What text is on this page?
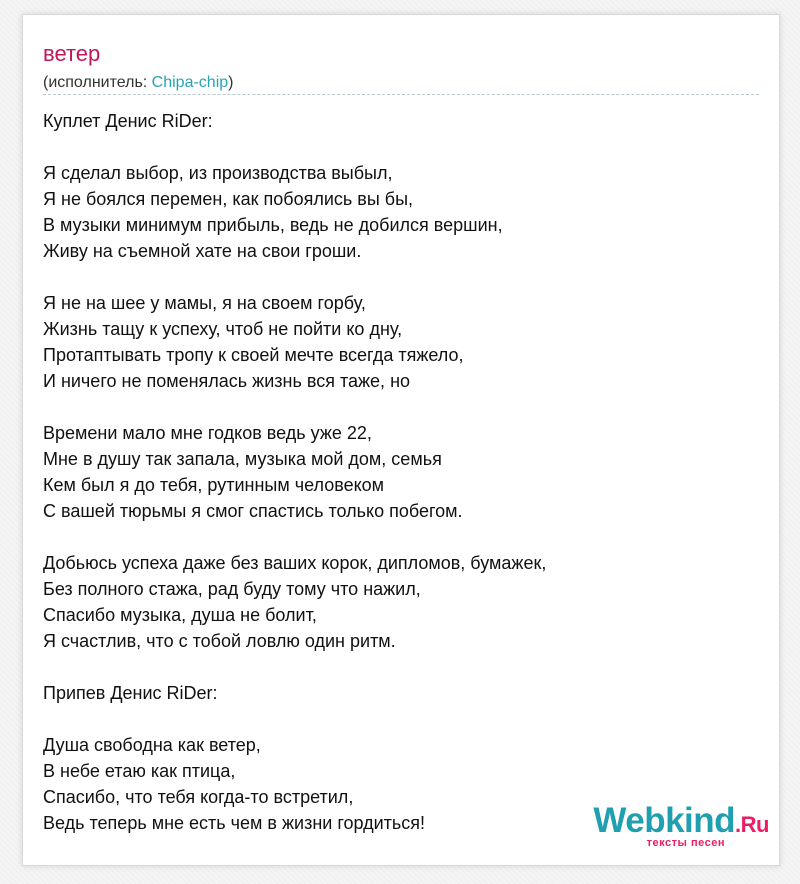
ветер
(исполнитель: Chipa-chip)
Куплет Денис RiDer:
Я сделал выбор, из производства выбыл,
Я не боялся перемен, как побоялись вы бы,
В музыки минимум прибыль, ведь не добился вершин,
Живу на съемной хате на свои гроши.
Я не на шее у мамы, я на своем горбу,
Жизнь тащу к успеху, чтоб не пойти ко дну,
Протаптывать тропу к своей мечте всегда тяжело,
И ничего не поменялась жизнь вся таже, но
Времени мало мне годков ведь уже 22,
Мне в душу так запала, музыка мой дом, семья
Кем был я до тебя, рутинным человеком
С вашей тюрьмы я смог спастись только побегом.
Добьюсь успеха даже без ваших корок, дипломов, бумажек,
Без полного стажа, рад буду тому что нажил,
Спасибо музыка, душа не болит,
Я счастлив, что с тобой ловлю один ритм.
Припев Денис RiDer:
Душа свободна как ветер,
В небе етаю как птица,
Спасибо, что тебя когда-то встретил,
Ведь теперь мне есть чем в жизни гордиться!	Webkind.Ru
тексты песен
